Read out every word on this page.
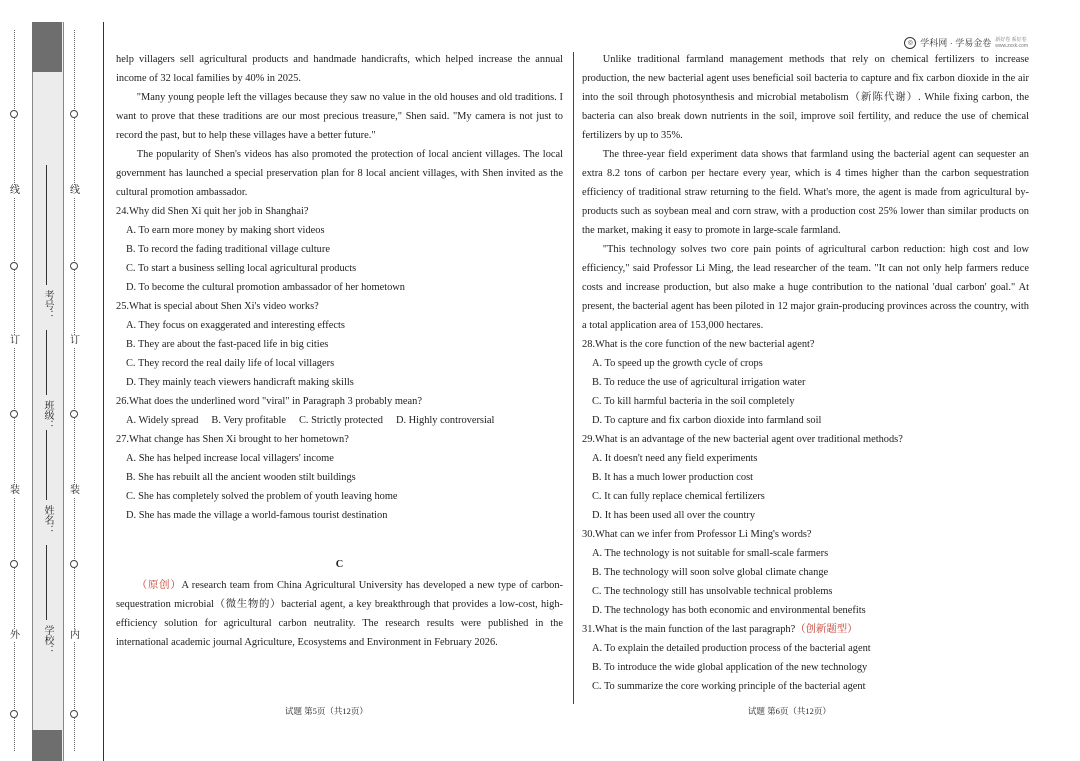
外
装
订
线
内
装
订
线
学校：
姓名：
班级：
考号：
◎ 学科网 · 学易金卷 新好卷 系好卷
www.zxxk.com

help villagers sell agricultural products and handmade handicrafts, which helped increase the annual income of 32 local families by 40% in 2025.

"Many young people left the villages because they saw no value in the old houses and old traditions. I want to prove that these traditions are our most precious treasure," Shen said. "My camera is not just to record the past, but to help these villages have a better future."

The popularity of Shen's videos has also promoted the protection of local ancient villages. The local government has launched a special preservation plan for 8 local ancient villages, with Shen invited as the cultural promotion ambassador.

24.Why did Shen Xi quit her job in Shanghai?

A. To earn more money by making short videos

B. To record the fading traditional village culture

C. To start a business selling local agricultural products

D. To become the cultural promotion ambassador of her hometown

25.What is special about Shen Xi's video works?

A. They focus on exaggerated and interesting effects

B. They are about the fast-paced life in big cities

C. They record the real daily life of local villagers

D. They mainly teach viewers handicraft making skills

26.What does the underlined word "viral" in Paragraph 3 probably mean?

A. Widely spread B. Very profitable C. Strictly protected D. Highly controversial

27.What change has Shen Xi brought to her hometown?

A. She has helped increase local villagers' income

B. She has rebuilt all the ancient wooden stilt buildings

C. She has completely solved the problem of youth leaving home

D. She has made the village a world-famous tourist destination

C

（原创）A research team from China Agricultural University has developed a new type of carbon-sequestration microbial（微生物的）bacterial agent, a key breakthrough that provides a low-cost, high-efficiency solution for agricultural carbon neutrality. The research results were published in the international academic journal Agriculture, Ecosystems and Environment in February 2026.

Unlike traditional farmland management methods that rely on chemical fertilizers to increase production, the new bacterial agent uses beneficial soil bacteria to capture and fix carbon dioxide in the air into the soil through photosynthesis and microbial metabolism（新陈代谢）. While fixing carbon, the bacteria can also break down nutrients in the soil, improve soil fertility, and reduce the use of chemical fertilizers by up to 35%.

The three-year field experiment data shows that farmland using the bacterial agent can sequester an extra 8.2 tons of carbon per hectare every year, which is 4 times higher than the carbon sequestration efficiency of traditional straw returning to the field. What's more, the agent is made from agricultural by-products such as soybean meal and corn straw, with a production cost 25% lower than similar products on the market, making it easy to promote in large-scale farmland.

"This technology solves two core pain points of agricultural carbon reduction: high cost and low efficiency," said Professor Li Ming, the lead researcher of the team. "It can not only help farmers reduce costs and increase production, but also make a huge contribution to the national 'dual carbon' goal." At present, the bacterial agent has been piloted in 12 major grain-producing provinces across the country, with a total application area of 153,000 hectares.

28.What is the core function of the new bacterial agent?

A. To speed up the growth cycle of crops

B. To reduce the use of agricultural irrigation water

C. To kill harmful bacteria in the soil completely

D. To capture and fix carbon dioxide into farmland soil

29.What is an advantage of the new bacterial agent over traditional methods?

A. It doesn't need any field experiments

B. It has a much lower production cost

C. It can fully replace chemical fertilizers

D. It has been used all over the country

30.What can we infer from Professor Li Ming's words?

A. The technology is not suitable for small-scale farmers

B. The technology will soon solve global climate change

C. The technology still has unsolvable technical problems

D. The technology has both economic and environmental benefits

31.What is the main function of the last paragraph?（创新题型）

A. To explain the detailed production process of the bacterial agent

B. To introduce the wide global application of the new technology

C. To summarize the core working principle of the bacterial agent

试题 第5页（共12页）	试题 第6页（共12页）
